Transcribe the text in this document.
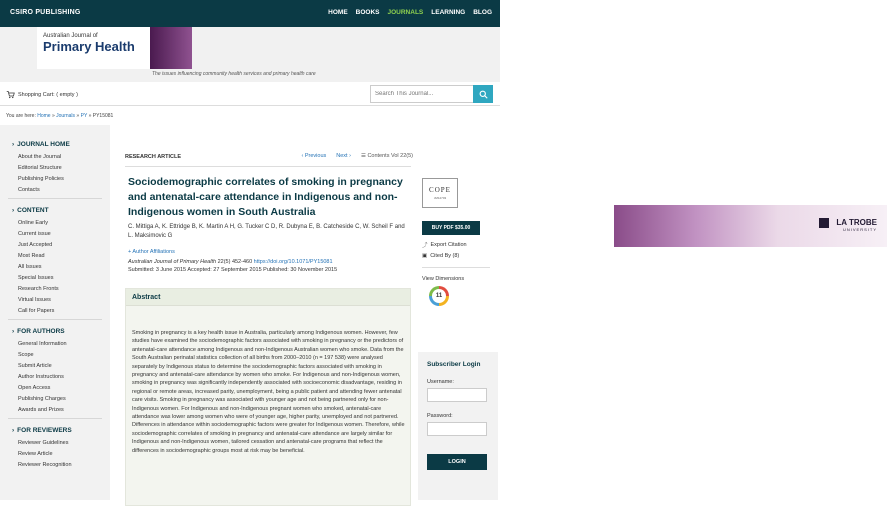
CSIRO PUBLISHING	HOME BOOKS JOURNALS LEARNING BLOG
Australian Journal of
Primary Health
LA TROBE
UNIVERSITY
The issues influencing community health services and primary health care
Shopping Cart: ( empty )
Search This Journal...
You are here: Home » Journals » PY » PY15081
› JOURNAL HOME
About the Journal
Editorial Structure
Publishing Policies
Contacts
› CONTENT
Online Early
Current issue
Just Accepted
Most Read
All Issues
Special Issues
Research Fronts
Virtual Issues
Call for Papers
› FOR AUTHORS
General Information
Scope
Submit Article
Author Instructions
Open Access
Publishing Charges
Awards and Prizes
› FOR REVIEWERS
Reviewer Guidelines
Review Article
Reviewer Recognition
RESEARCH ARTICLE	‹ Previous Next › ☰ Contents Vol 22(5)
Sociodemographic correlates of smoking in pregnancy and antenatal-care attendance in Indigenous and non-Indigenous women in South Australia
C. Mittiga A, K. Ettridge B, K. Martin A H, G. Tucker C D, R. Dubyna E, B. Catcheside C, W. Scheil F and L. Maksimovic G
+ Author Affiliations
Australian Journal of Primary Health 22(5) 452-460 https://doi.org/10.1071/PY15081
Submitted: 3 June 2015 Accepted: 27 September 2015 Published: 30 November 2015
Abstract
Smoking in pregnancy is a key health issue in Australia, particularly among Indigenous women. However, few studies have examined the sociodemographic factors associated with smoking in pregnancy or the predictors of antenatal-care attendance among Indigenous and non-Indigenous Australian women who smoke. Data from the South Australian perinatal statistics collection of all births from 2000–2010 (n = 197 538) were analysed separately by Indigenous status to determine the sociodemographic factors associated with smoking in pregnancy and antenatal-care attendance by women who smoke. For Indigenous and non-Indigenous women, smoking in pregnancy was significantly independently associated with socioeconomic disadvantage, residing in regional or remote areas, increased parity, unemployment, being a public patient and attending fewer antenatal care visits. Smoking in pregnancy was associated with younger age and not being partnered only for non-Indigenous women. For Indigenous and non-Indigenous pregnant women who smoked, antenatal-care attendance was lower among women who were of younger age, higher parity, unemployed and not partnered. Differences in attendance within sociodemographic factors were greater for Indigenous women. Therefore, while sociodemographic correlates of smoking in pregnancy and antenatal-care attendance are largely similar for Indigenous and non-Indigenous women, tailored cessation and antenatal-care programs that reflect the differences in sociodemographic groups most at risk may be beneficial.
COPE
JM12703
BUY PDF $35.00
⤴ Export Citation
▣ Cited By (8)
View Dimensions
11
Subscriber Login
Username:
Password:
LOGIN
